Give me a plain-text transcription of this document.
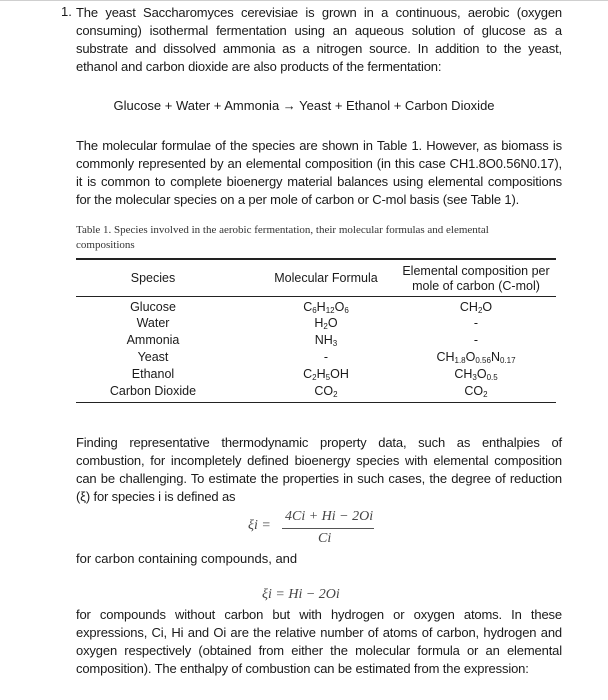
1. The yeast Saccharomyces cerevisiae is grown in a continuous, aerobic (oxygen consuming) isothermal fermentation using an aqueous solution of glucose as a substrate and dissolved ammonia as a nitrogen source. In addition to the yeast, ethanol and carbon dioxide are also products of the fermentation:
Glucose + Water + Ammonia → Yeast + Ethanol + Carbon Dioxide
The molecular formulae of the species are shown in Table 1. However, as biomass is commonly represented by an elemental composition (in this case CH1.8O0.56N0.17), it is common to complete bioenergy material balances using elemental compositions for the molecular species on a per mole of carbon or C-mol basis (see Table 1).
Table 1. Species involved in the aerobic fermentation, their molecular formulas and elemental compositions
Species	Molecular Formula	Elemental composition per mole of carbon (C-mol)
Glucose
Water
Ammonia
Yeast
Ethanol
Carbon Dioxide
$C_6H_{12}O_6$
$H_2O$
$NH_3$
-
$C_2H_5OH$
$CO_2$
$CH_2O$
-
-
$CH_{1.8}O_{0.56}N_{0.17}$
$CH_3O_{0.5}$
$CO_2$
Finding representative thermodynamic property data, such as enthalpies of combustion, for incompletely defined bioenergy species with elemental composition can be challenging. To estimate the properties in such cases, the degree of reduction (ξ) for species i is defined as
ξi =
4Ci + Hi − 2Oi
Ci
for carbon containing compounds, and
ξi = Hi − 2Oi
for compounds without carbon but with hydrogen or oxygen atoms. In these expressions, Ci, Hi and Oi are the relative number of atoms of carbon, hydrogen and oxygen respectively (obtained from either the molecular formula or an elemental composition). The enthalpy of combustion can be estimated from the expression:
